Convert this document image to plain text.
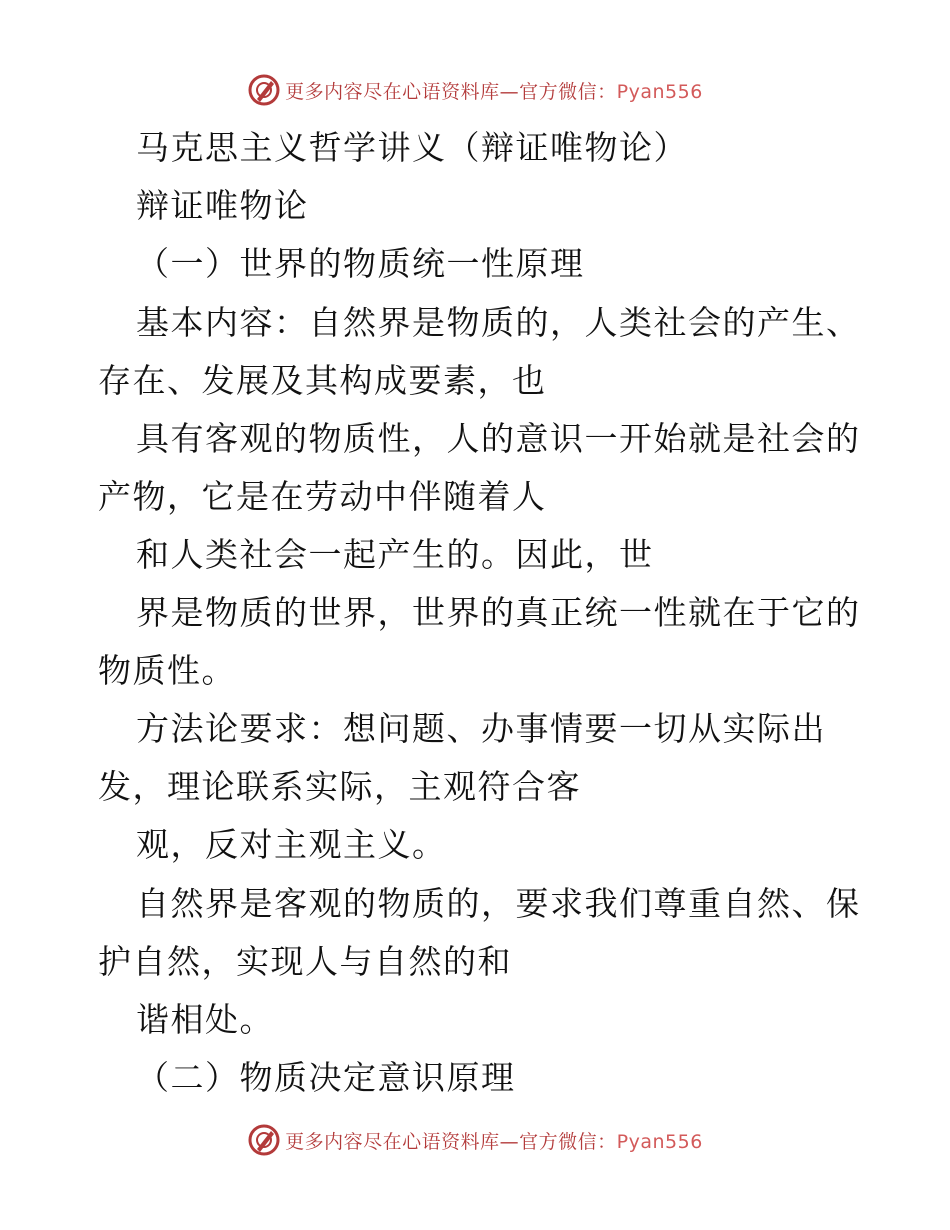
更多内容尽在心语资料库—官方微信：Pyan556
马克思主义哲学讲义（辩证唯物论）
辩证唯物论
（一）世界的物质统一性原理
基本内容：自然界是物质的，人类社会的产生、
存在、发展及其构成要素，也
具有客观的物质性，人的意识一开始就是社会的
产物，它是在劳动中伴随着人
和人类社会一起产生的。因此，世
界是物质的世界，世界的真正统一性就在于它的
物质性。
方法论要求：想问题、办事情要一切从实际出
发，理论联系实际，主观符合客
观，反对主观主义。
自然界是客观的物质的，要求我们尊重自然、保
护自然，实现人与自然的和
谐相处。
（二）物质决定意识原理
更多内容尽在心语资料库—官方微信：Pyan556
